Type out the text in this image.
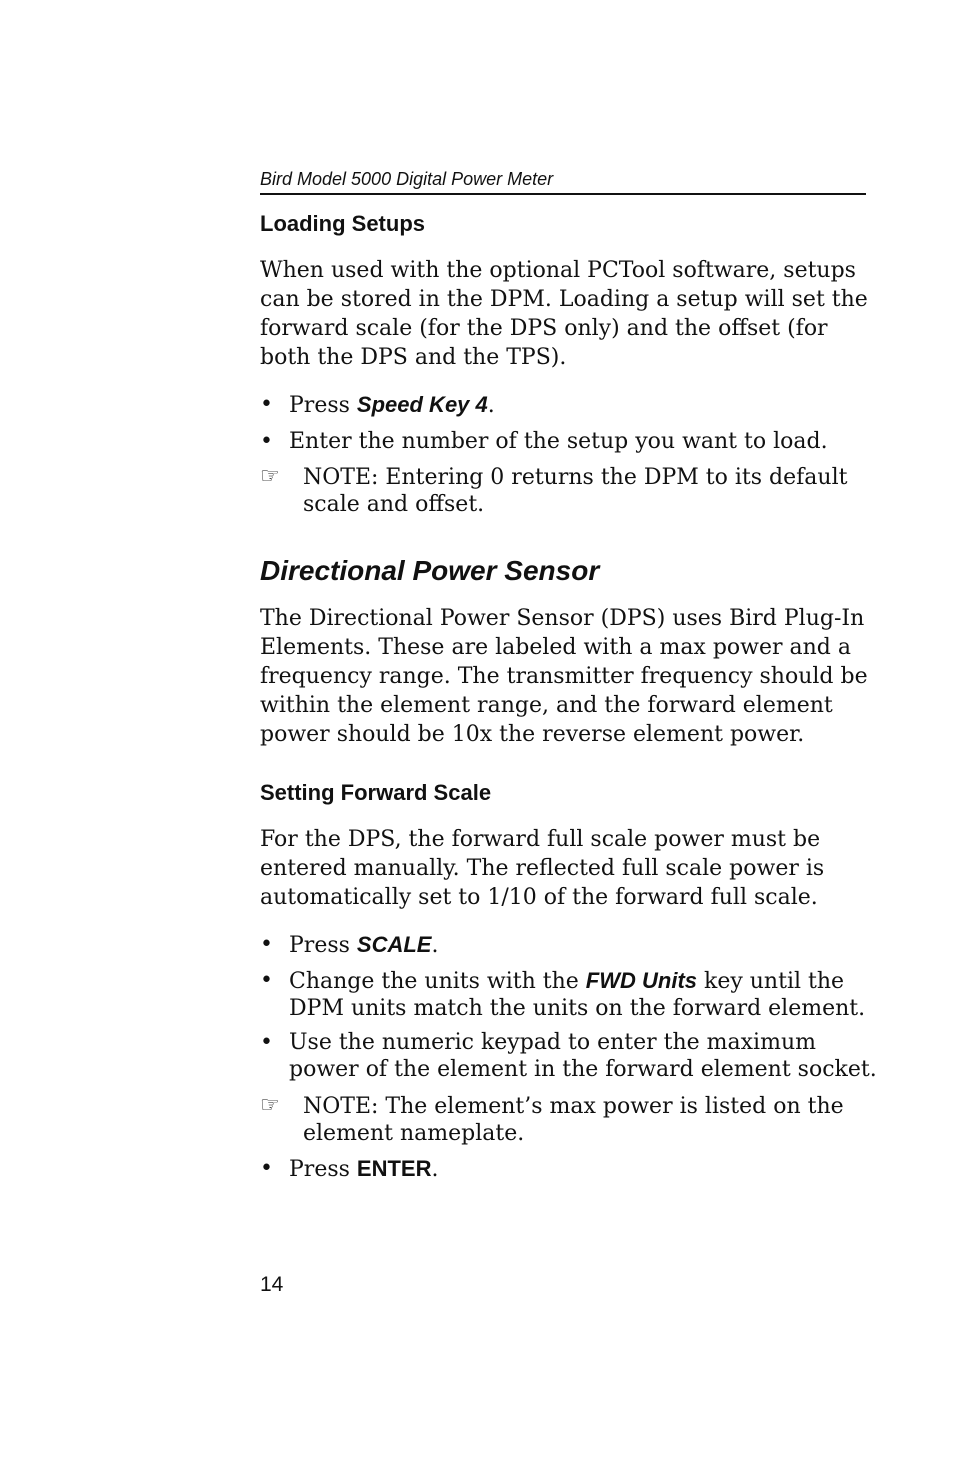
Bird Model 5000 Digital Power Meter
Loading Setups
When used with the optional PCTool software, setups
can be stored in the DPM. Loading a setup will set the
forward scale (for the DPS only) and the offset (for
both the DPS and the TPS).
• Press Speed Key 4.
• Enter the number of the setup you want to load.
☞ NOTE: Entering 0 returns the DPM to its default
scale and offset.
Directional Power Sensor
The Directional Power Sensor (DPS) uses Bird Plug-In
Elements. These are labeled with a max power and a
frequency range. The transmitter frequency should be
within the element range, and the forward element
power should be 10x the reverse element power.
Setting Forward Scale
For the DPS, the forward full scale power must be
entered manually. The reflected full scale power is
automatically set to 1/10 of the forward full scale.
• Press SCALE.
• Change the units with the FWD Units key until the
DPM units match the units on the forward element.
• Use the numeric keypad to enter the maximum
power of the element in the forward element socket.
☞ NOTE: The element’s max power is listed on the
element nameplate.
• Press ENTER.
14
